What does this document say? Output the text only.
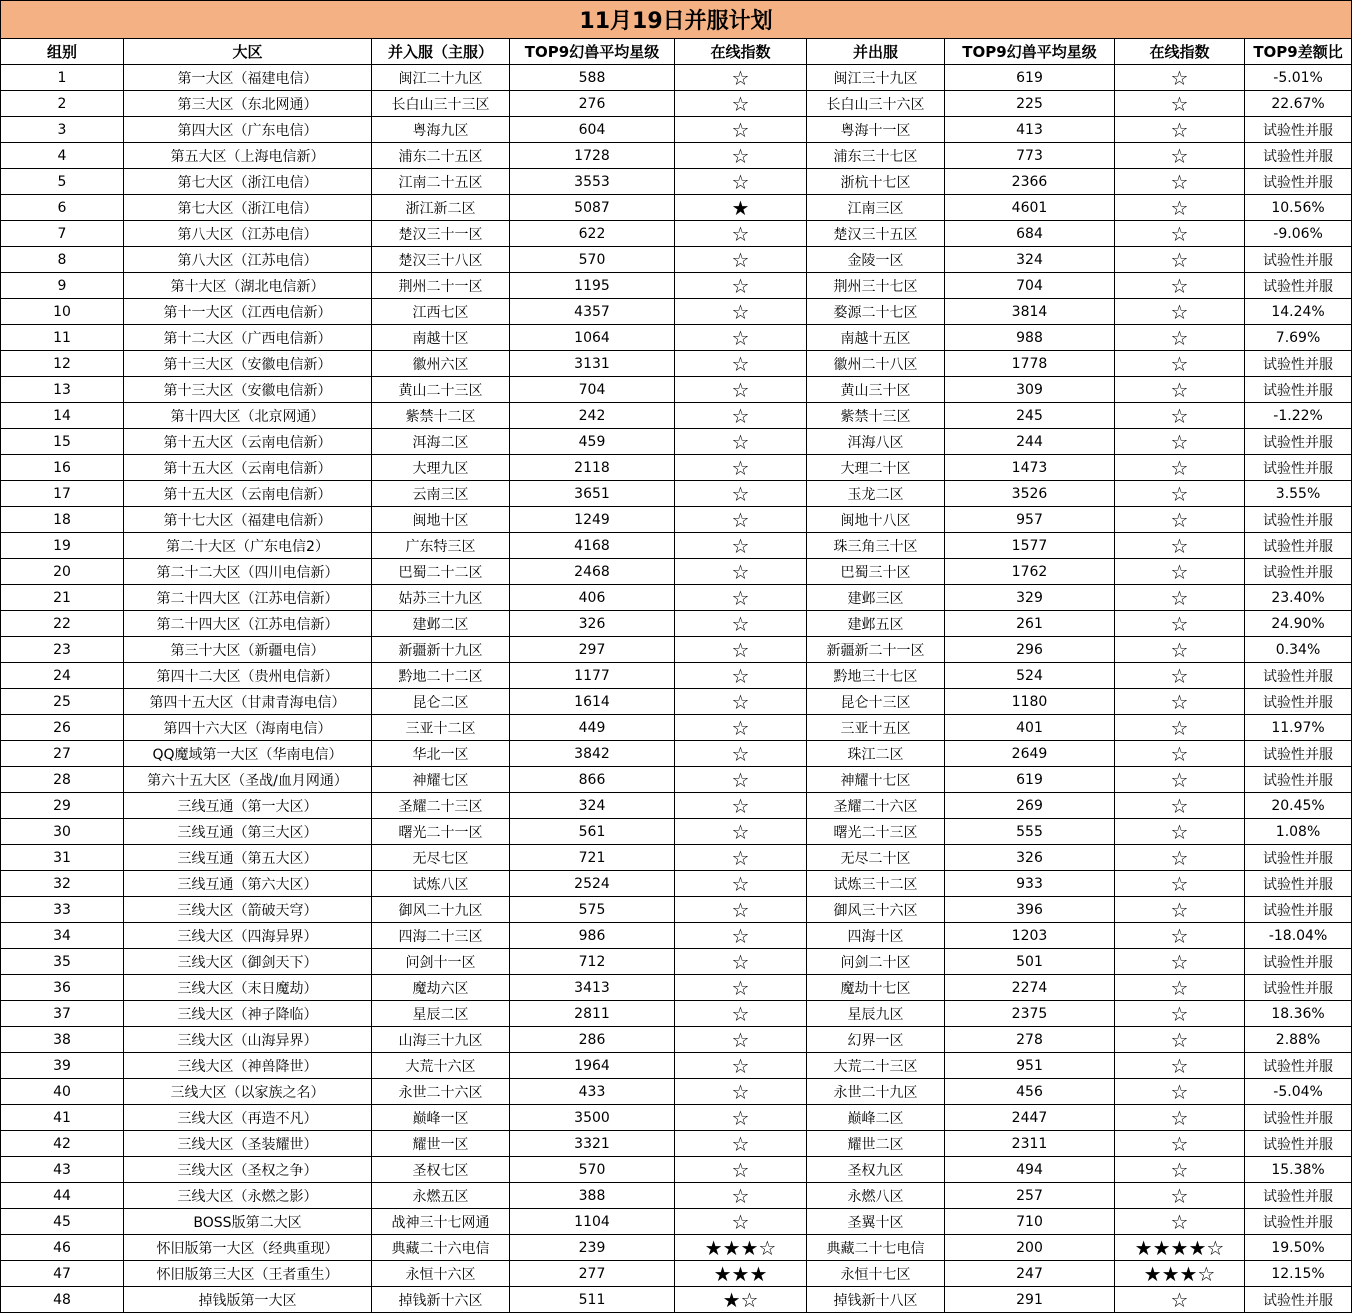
11月19日并服计划								
组别	大区	并入服（主服）	TOP9幻兽平均星级	在线指数	并出服	TOP9幻兽平均星级	在线指数	TOP9差额比
1	第一大区（福建电信）	闽江二十九区	588	☆	闽江三十九区	619	☆	-5.01%
2	第三大区（东北网通）	长白山三十三区	276	☆	长白山三十六区	225	☆	22.67%
3	第四大区（广东电信）	粤海九区	604	☆	粤海十一区	413	☆	试验性并服
4	第五大区（上海电信新）	浦东二十五区	1728	☆	浦东三十七区	773	☆	试验性并服
5	第七大区（浙江电信）	江南二十五区	3553	☆	浙杭十七区	2366	☆	试验性并服
6	第七大区（浙江电信）	浙江新二区	5087	★	江南三区	4601	☆	10.56%
7	第八大区（江苏电信）	楚汉三十一区	622	☆	楚汉三十五区	684	☆	-9.06%
8	第八大区（江苏电信）	楚汉三十八区	570	☆	金陵一区	324	☆	试验性并服
9	第十大区（湖北电信新）	荆州二十一区	1195	☆	荆州三十七区	704	☆	试验性并服
10	第十一大区（江西电信新）	江西七区	4357	☆	婺源二十七区	3814	☆	14.24%
11	第十二大区（广西电信新）	南越十区	1064	☆	南越十五区	988	☆	7.69%
12	第十三大区（安徽电信新）	徽州六区	3131	☆	徽州二十八区	1778	☆	试验性并服
13	第十三大区（安徽电信新）	黄山二十三区	704	☆	黄山三十区	309	☆	试验性并服
14	第十四大区（北京网通）	紫禁十二区	242	☆	紫禁十三区	245	☆	-1.22%
15	第十五大区（云南电信新）	洱海二区	459	☆	洱海八区	244	☆	试验性并服
16	第十五大区（云南电信新）	大理九区	2118	☆	大理二十区	1473	☆	试验性并服
17	第十五大区（云南电信新）	云南三区	3651	☆	玉龙二区	3526	☆	3.55%
18	第十七大区（福建电信新）	闽地十区	1249	☆	闽地十八区	957	☆	试验性并服
19	第二十大区（广东电信2）	广东特三区	4168	☆	珠三角三十区	1577	☆	试验性并服
20	第二十二大区（四川电信新）	巴蜀二十二区	2468	☆	巴蜀三十区	1762	☆	试验性并服
21	第二十四大区（江苏电信新）	姑苏三十九区	406	☆	建邺三区	329	☆	23.40%
22	第二十四大区（江苏电信新）	建邺二区	326	☆	建邺五区	261	☆	24.90%
23	第三十大区（新疆电信）	新疆新十九区	297	☆	新疆新二十一区	296	☆	0.34%
24	第四十二大区（贵州电信新）	黔地二十二区	1177	☆	黔地三十七区	524	☆	试验性并服
25	第四十五大区（甘肃青海电信）	昆仑二区	1614	☆	昆仑十三区	1180	☆	试验性并服
26	第四十六大区（海南电信）	三亚十二区	449	☆	三亚十五区	401	☆	11.97%
27	QQ魔域第一大区（华南电信）	华北一区	3842	☆	珠江二区	2649	☆	试验性并服
28	第六十五大区（圣战/血月网通）	神耀七区	866	☆	神耀十七区	619	☆	试验性并服
29	三线互通（第一大区）	圣耀二十三区	324	☆	圣耀二十六区	269	☆	20.45%
30	三线互通（第三大区）	曙光二十一区	561	☆	曙光二十三区	555	☆	1.08%
31	三线互通（第五大区）	无尽七区	721	☆	无尽二十区	326	☆	试验性并服
32	三线互通（第六大区）	试炼八区	2524	☆	试炼三十二区	933	☆	试验性并服
33	三线大区（箭破天穹）	御风二十九区	575	☆	御风三十六区	396	☆	试验性并服
34	三线大区（四海异界）	四海二十三区	986	☆	四海十区	1203	☆	-18.04%
35	三线大区（御剑天下）	问剑十一区	712	☆	问剑二十区	501	☆	试验性并服
36	三线大区（末日魔劫）	魔劫六区	3413	☆	魔劫十七区	2274	☆	试验性并服
37	三线大区（神子降临）	星辰二区	2811	☆	星辰九区	2375	☆	18.36%
38	三线大区（山海异界）	山海三十九区	286	☆	幻界一区	278	☆	2.88%
39	三线大区（神兽降世）	大荒十六区	1964	☆	大荒二十三区	951	☆	试验性并服
40	三线大区（以家族之名）	永世二十六区	433	☆	永世二十九区	456	☆	-5.04%
41	三线大区（再造不凡）	巅峰一区	3500	☆	巅峰二区	2447	☆	试验性并服
42	三线大区（圣装耀世）	耀世一区	3321	☆	耀世二区	2311	☆	试验性并服
43	三线大区（圣权之争）	圣权七区	570	☆	圣权九区	494	☆	15.38%
44	三线大区（永燃之影）	永燃五区	388	☆	永燃八区	257	☆	试验性并服
45	BOSS版第二大区	战神三十七网通	1104	☆	圣翼十区	710	☆	试验性并服
46	怀旧版第一大区（经典重现）	典藏二十六电信	239	★★★☆	典藏二十七电信	200	★★★★☆	19.50%
47	怀旧版第三大区（王者重生）	永恒十六区	277	★★★	永恒十七区	247	★★★☆	12.15%
48	掉钱版第一大区	掉钱新十六区	511	★☆	掉钱新十八区	291	☆	试验性并服
